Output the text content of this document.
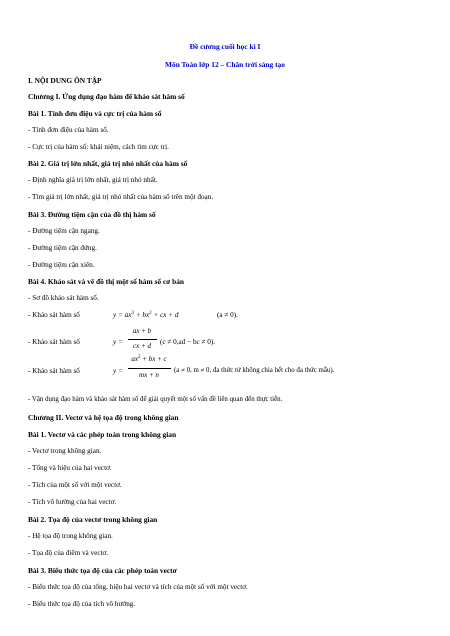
Đề cương cuối học kì I
Môn Toán lớp 12 – Chân trời sáng tạo
I. NỘI DUNG ÔN TẬP
Chương I. Ứng dụng đạo hàm để khảo sát hàm số
Bài 1. Tính đơn điệu và cực trị của hàm số
- Tính đơn điệu của hàm số.
- Cực trị của hàm số: khái niệm, cách tìm cực trị.
Bài 2. Giá trị lớn nhất, giá trị nhỏ nhất của hàm số
- Định nghĩa giá trị lớn nhất, giá trị nhỏ nhất.
- Tìm giá trị lớn nhất, giá trị nhỏ nhất của hàm số trên một đoạn.
Bài 3. Đường tiệm cận của đồ thị hàm số
- Đường tiệm cận ngang.
- Đường tiệm cận đứng.
- Đường tiệm cận xiên.
Bài 4. Khảo sát và vẽ đồ thị một số hàm số cơ bản
- Sơ đồ khảo sát hàm số.
- Khảo sát hàm số	$y = ax^3 + bx^2$ + cx + d	(a ≠ 0).
- Khảo sát hàm số	y =
ax + b
cx + d	(c ≠ 0,ad − bc ≠ 0).
- Khảo sát hàm số	y =
$ax^2$ + bx + c
mx + n
(a ≠ 0, m ≠ 0, đa thức tử không chia hết cho đa thức mẫu).
- Vận dụng đạo hàm và khảo sát hàm số để giải quyết một số vấn đề liên quan đến thực tiễn.
Chương II. Vectơ và hệ tọa độ trong không gian
Bài 1. Vectơ và các phép toán trong không gian
- Vectơ trong không gian.
- Tổng và hiệu của hai vectơ.
- Tích của một số với một vectơ.
- Tích vô hướng của hai vectơ.
Bài 2. Tọa độ của vectơ trong không gian
- Hệ tọa độ trong không gian.
- Tọa độ của điểm và vectơ.
Bài 3. Biểu thức tọa độ của các phép toán vectơ
- Biểu thức tọa độ của tổng, hiệu hai vectơ và tích của một số với một vectơ.
- Biểu thức tọa độ của tích vô hướng.
